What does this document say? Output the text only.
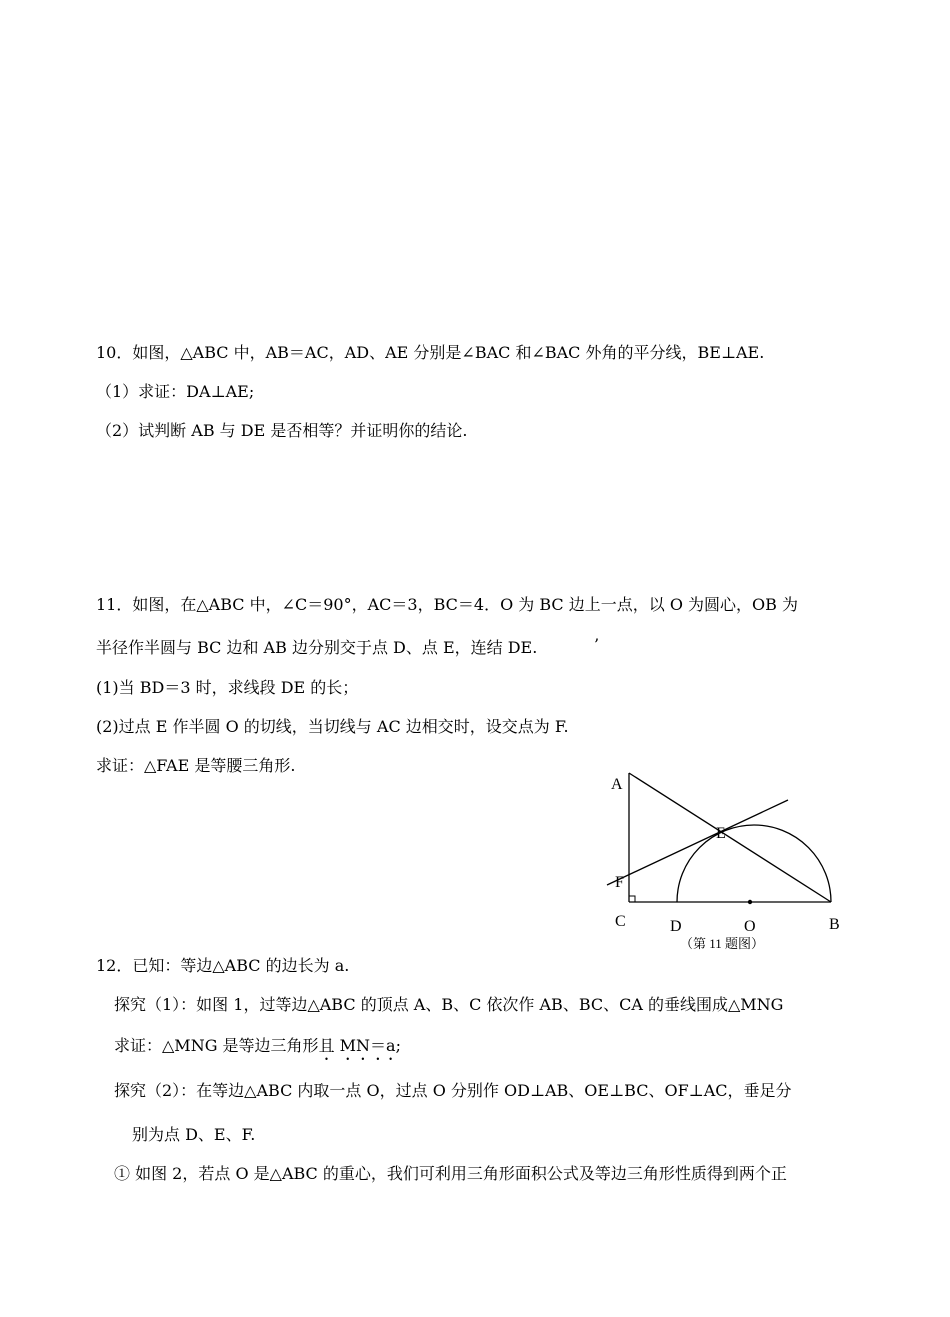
10．如图，△ABC 中，AB＝AC，AD、AE 分别是∠BAC 和∠BAC 外角的平分线，BE⊥AE.
（1）求证：DA⊥AE;
（2）试判断 AB 与 DE 是否相等？并证明你的结论.
11．如图，在△ABC 中，∠C＝90°，AC＝3，BC＝4．O 为 BC 边上一点，以 O 为圆心，OB 为
半径作半圆与 BC 边和 AB 边分别交于点 D、点 E，连结 DE.	’
(1)当 BD＝3 时，求线段 DE 的长；
(2)过点 E 作半圆 O 的切线，当切线与 AC 边相交时，设交点为 F.
求证：△FAE 是等腰三角形.
A
E
F
C	D	O	B
（第 11 题图）
12．已知：等边△ABC 的边长为 a.
探究（1）：如图 1，过等边△ABC 的顶点 A、B、C 依次作 AB、BC、CA 的垂线围成△MNG
求证：△MNG 是等边三角形且 MN＝a;
探究（2）：在等边△ABC 内取一点 O，过点 O 分别作 OD⊥AB、OE⊥BC、OF⊥AC，垂足分
别为点 D、E、F.
① 如图 2，若点 O 是△ABC 的重心，我们可利用三角形面积公式及等边三角形性质得到两个正
